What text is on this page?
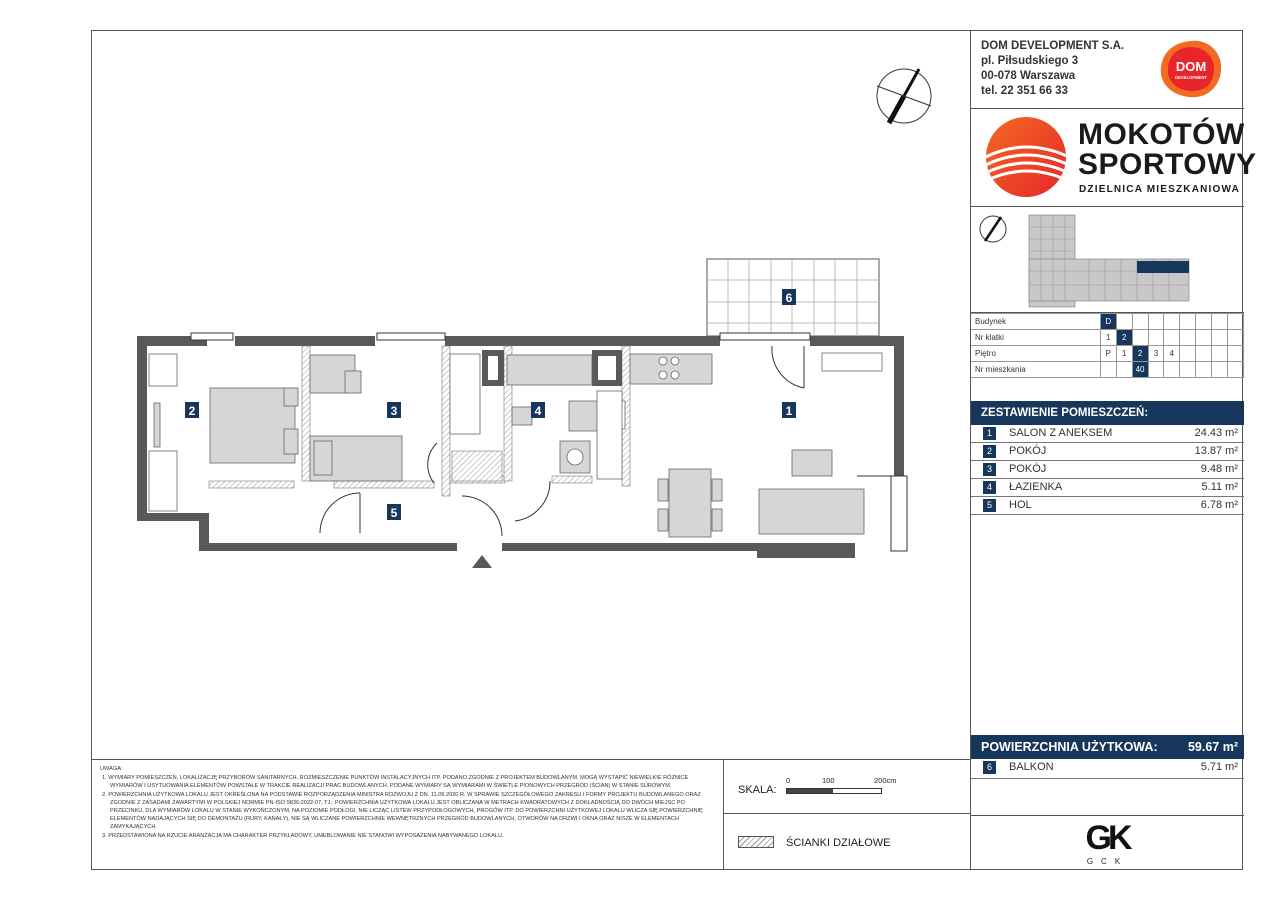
1
2	3	4
5
6
UWAGA:
1. WYMIARY POMIESZCZEŃ, LOKALIZACJĘ PRZYBORÓW SANITARNYCH, ROZMIESZCZENIE PUNKTÓW INSTALACYJNYCH ITP. PODANO ZGODNIE Z PROJEKTEM BUDOWLANYM. MOGĄ WYSTĄPIĆ NIEWIELKIE RÓŻNICE WYMIARÓW I USYTUOWANIA ELEMENTÓW POWSTAŁE W TRAKCIE REALIZACJI PRAC BUDOWLANYCH. PODANE WYMIARY SĄ WYMIARAMI W ŚWIETLE PIONOWYCH PRZEGRÓD (ŚCIAN) W STANIE SUROWYM.
2. POWIERZCHNIA UŻYTKOWA LOKALU JEST OKREŚLONA NA PODSTAWIE ROZPORZĄDZENIA MINISTRA ROZWOJU Z DN. 11.09.2020 R. W SPRAWIE SZCZEGÓŁOWEGO ZAKRESU I FORMY PROJEKTU BUDOWLANEGO ORAZ ZGODNIE Z ZASADAMI ZAWARTYMI W POLSKIEJ NORMIE PN-ISO 9836:2022-07, TJ.: POWIERZCHNIA UŻYTKOWA LOKALU JEST OBLICZANA W METRACH KWADRATOWYCH Z DOKŁADNOŚCIĄ DO DWÓCH MIEJSC PO PRZECINKU, DLA WYMIARÓW LOKALU W STANIE WYKOŃCZONYM, NA POZIOMIE PODŁOGI, NIE LICZĄC LISTEW PRZYPODŁOGOWYCH, PROGÓW ITP. DO POWIERZCHNI UŻYTKOWEJ LOKALU WLICZA SIĘ POWIERZCHNIĘ ELEMENTÓW NADAJĄCYCH SIĘ DO DEMONTAŻU (RURY, KANAŁY), NIE SĄ WLICZANE POWIERZCHNIE WEWNĘTRZNYCH PRZEGRÓD BUDOWLANYCH, OTWORÓW NA DRZWI I OKNA ORAZ NISZE W ELEMENTACH ZAMYKAJĄCYCH.
3. PRZEDSTAWIONA NA RZUCIE ARANŻACJA MA CHARAKTER PRZYKŁADOWY, UMEBLOWANIE NIE STANOWI WYPOSAŻENIA NABYWANEGO LOKALU.
SKALA:
0	100	200cm
ŚCIANKI DZIAŁOWE
DOM DEVELOPMENT S.A.
pl. Piłsudskiego 3
00-078 Warszawa
tel. 22 351 66 33
DOM
DEVELOPMENT
MOKOTÓW
SPORTOWY
DZIELNICA MIESZKANIOWA
Budynek	D								
Nr klatki	1	2							
Piętro	P	1	2	3	4				
Nr mieszkania			40						
ZESTAWIENIE POMIESZCZEŃ:
1	SALON Z ANEKSEM	24.43 m²
2	POKÓJ	13.87 m²
3	POKÓJ	9.48 m²
4	ŁAZIENKA	5.11 m²
5	HOL	6.78 m²
POWIERZCHNIA UŻYTKOWA: 59.67 m²
6	BALKON	5.71 m²
GK
GCK
